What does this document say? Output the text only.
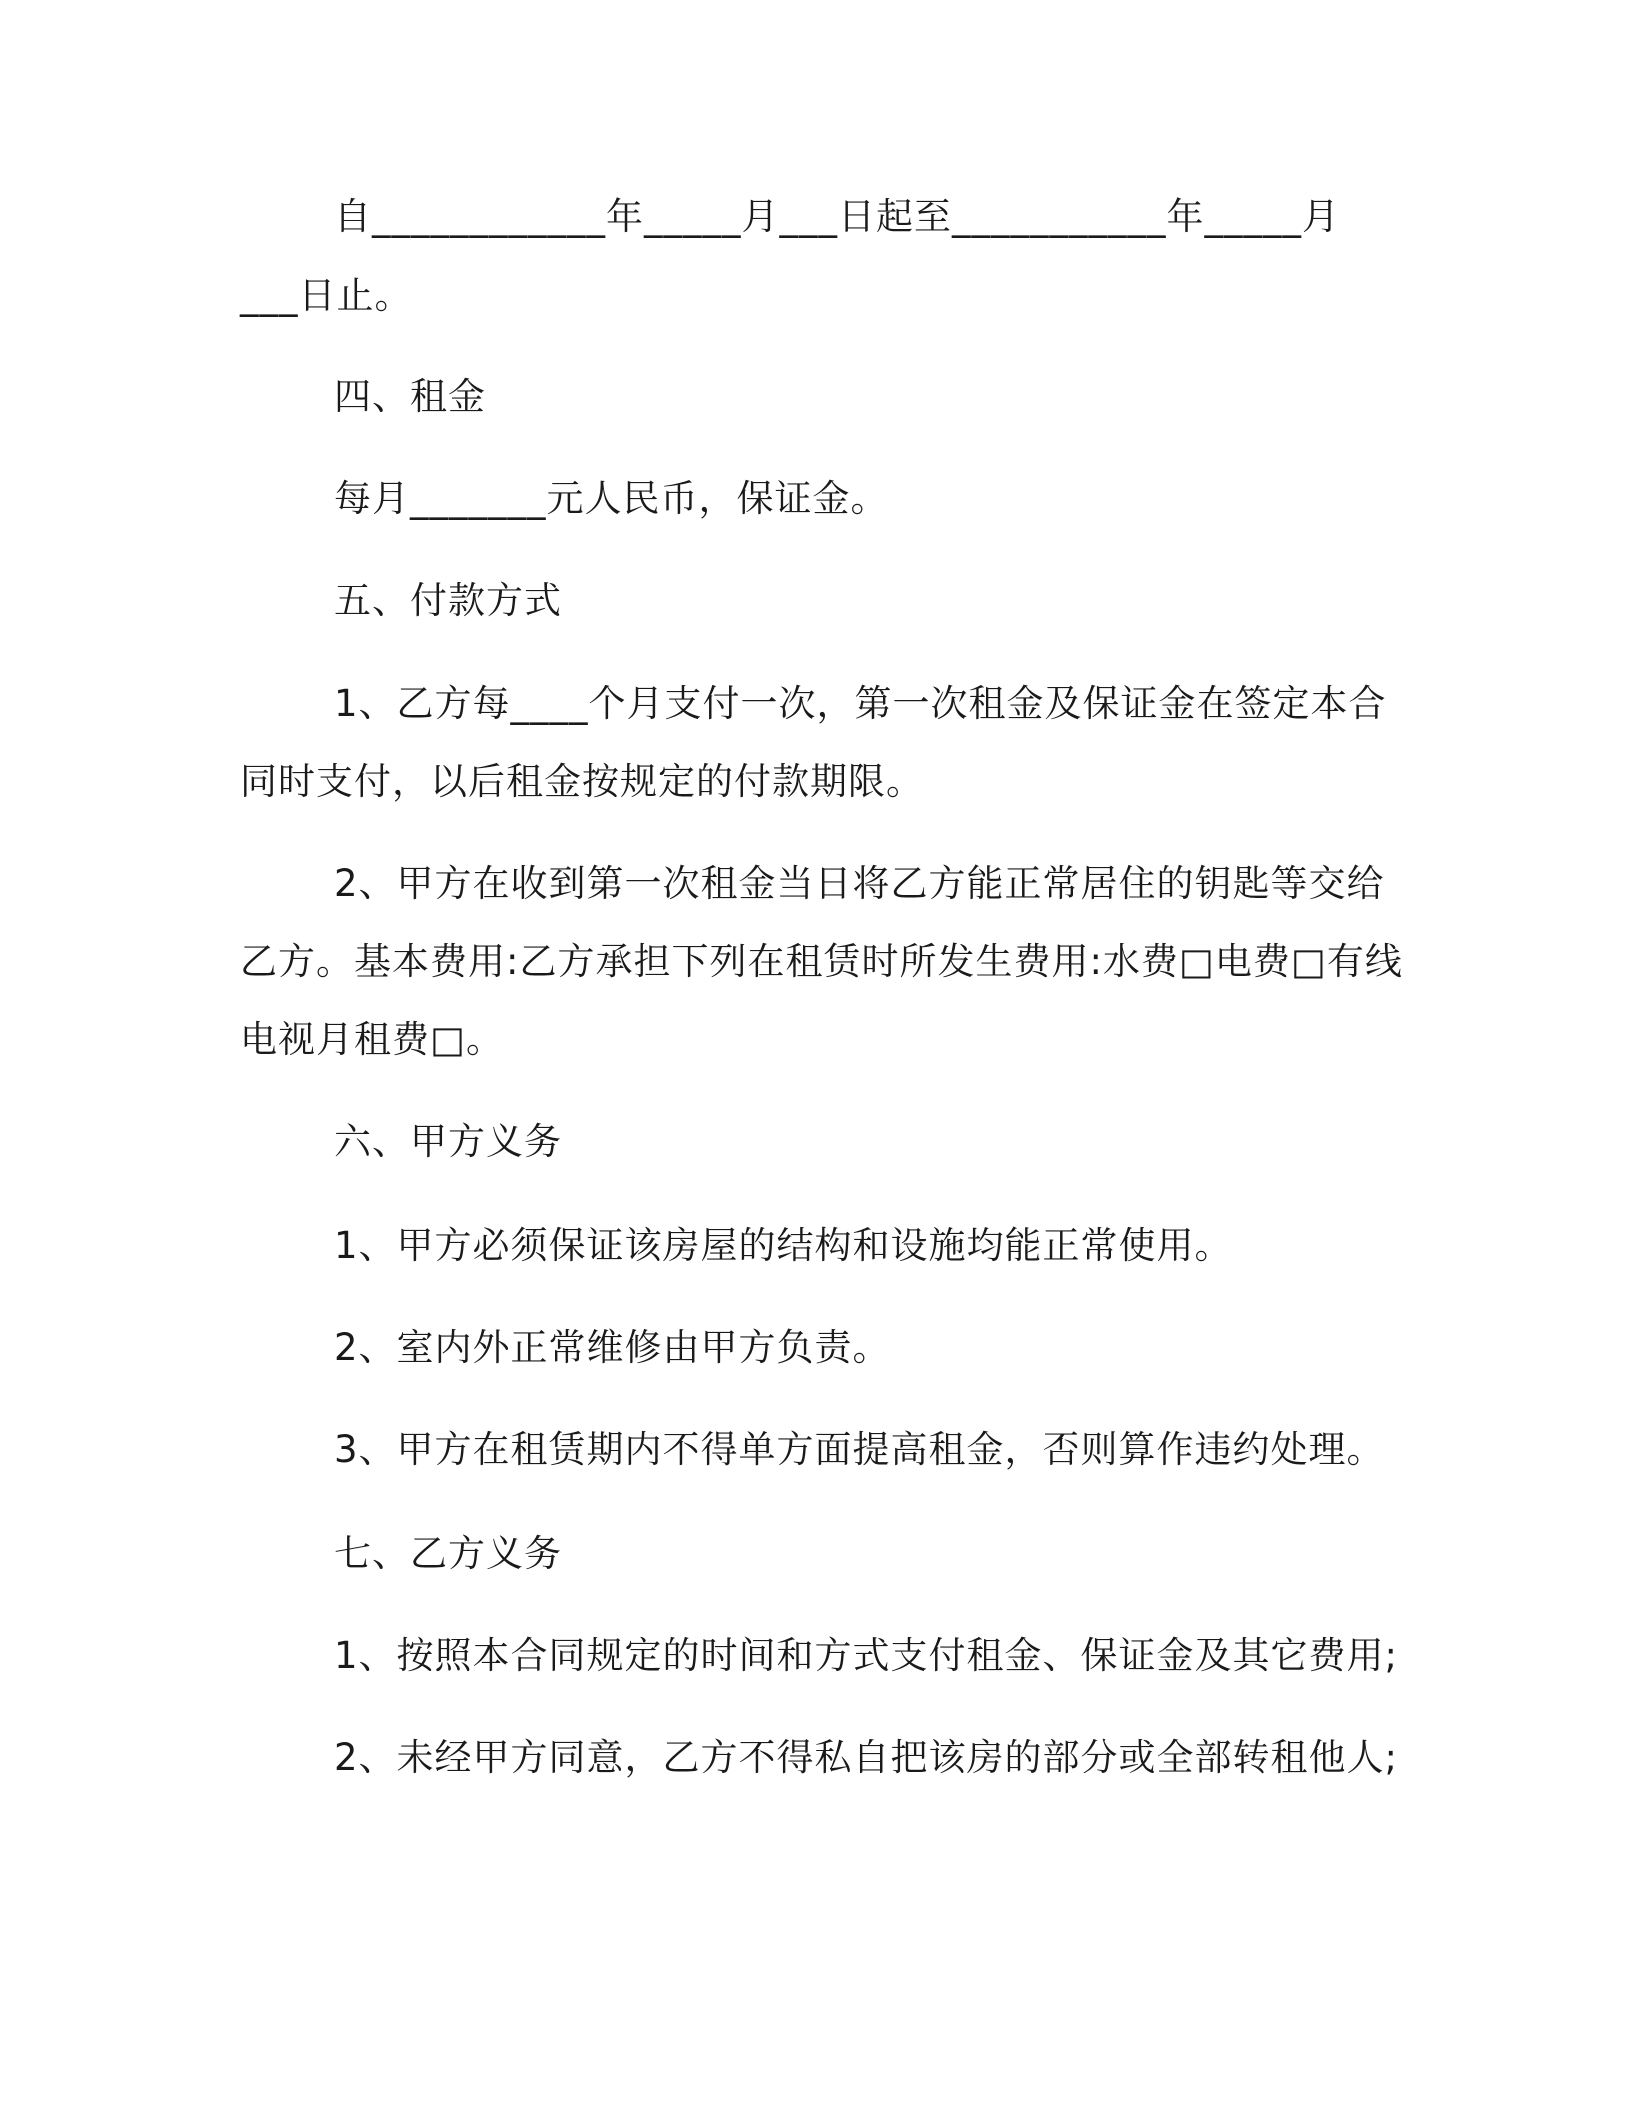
自____________年_____月___日起至___________年_____月
___日止。
四、租金
每月_______元人民币，保证金。
五、付款方式
1、乙方每____个月支付一次，第一次租金及保证金在签定本合
同时支付，以后租金按规定的付款期限。
2、甲方在收到第一次租金当日将乙方能正常居住的钥匙等交给
乙方。基本费用:乙方承担下列在租赁时所发生费用:水费□电费□有线
电视月租费□。
六、甲方义务
1、甲方必须保证该房屋的结构和设施均能正常使用。
2、室内外正常维修由甲方负责。
3、甲方在租赁期内不得单方面提高租金，否则算作违约处理。
七、乙方义务
1、按照本合同规定的时间和方式支付租金、保证金及其它费用;
2、未经甲方同意，乙方不得私自把该房的部分或全部转租他人;
